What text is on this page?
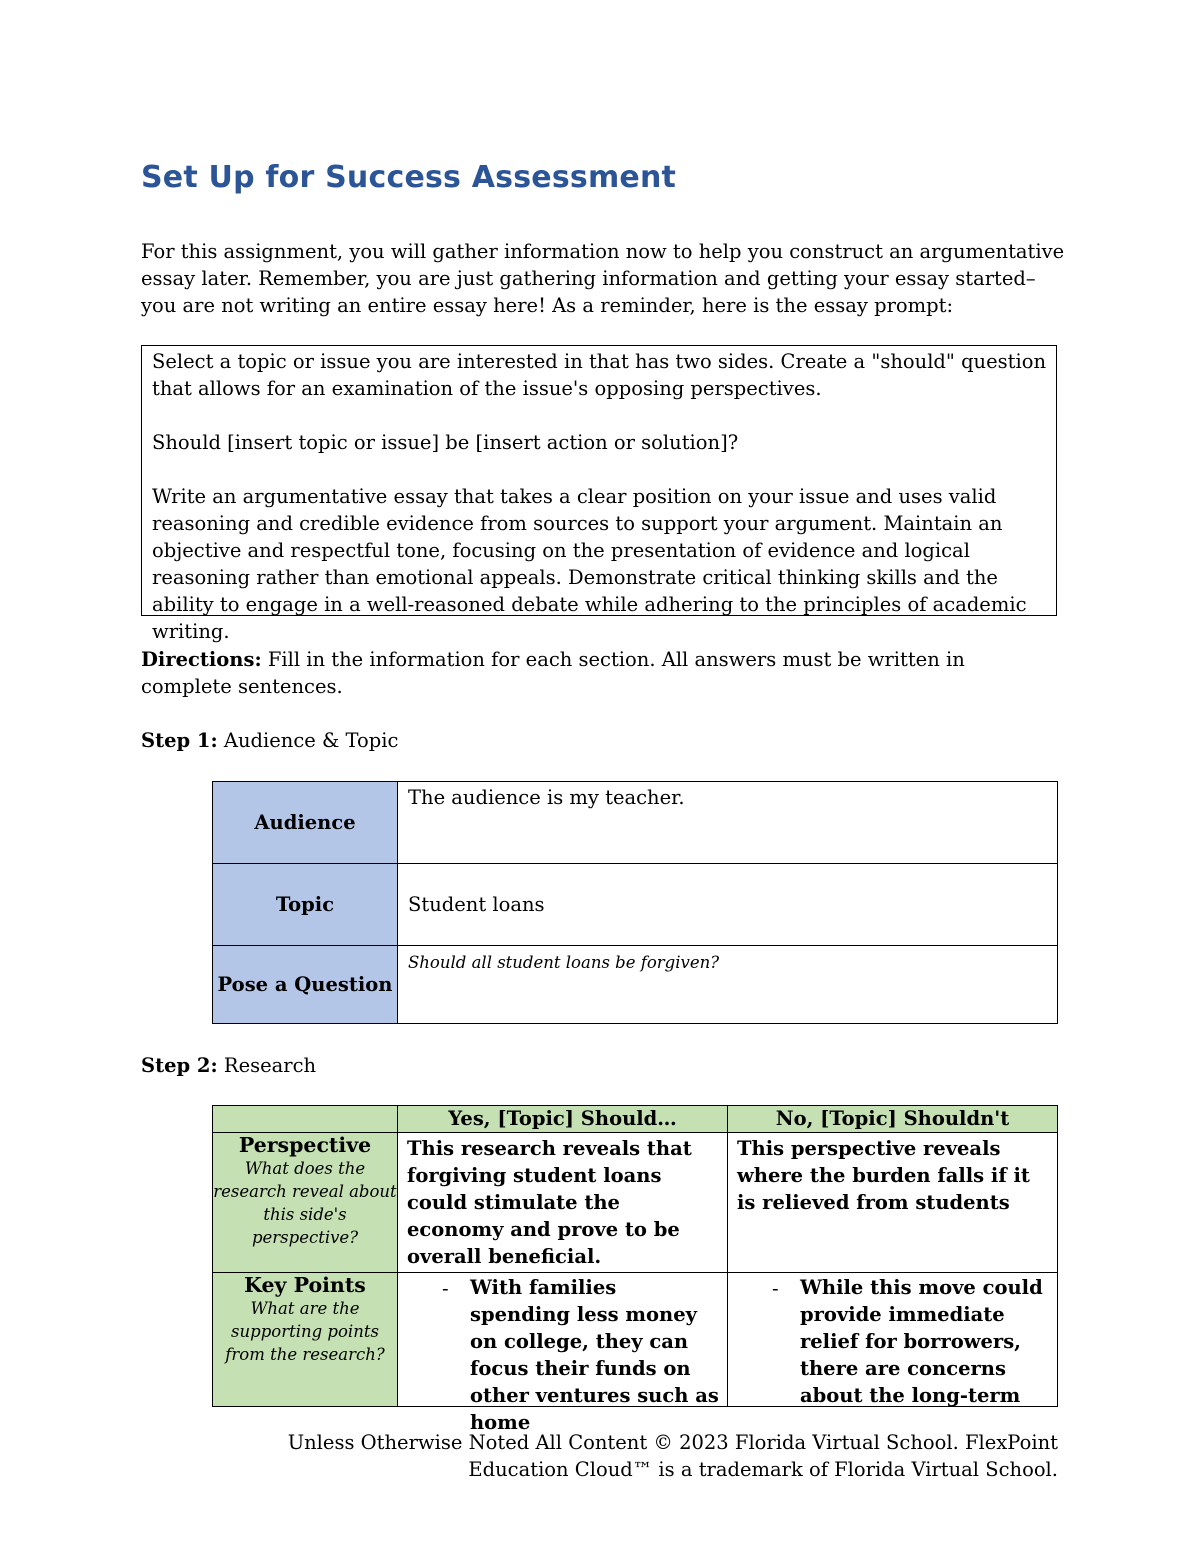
Set Up for Success Assessment

For this assignment, you will gather information now to help you construct an argumentative essay later. Remember, you are just gathering information and getting your essay started–you are not writing an entire essay here! As a reminder, here is the essay prompt:

Select a topic or issue you are interested in that has two sides. Create a "should" question that allows for an examination of the issue's opposing perspectives.

Should [insert topic or issue] be [insert action or solution]?

Write an argumentative essay that takes a clear position on your issue and uses valid reasoning and credible evidence from sources to support your argument. Maintain an objective and respectful tone, focusing on the presentation of evidence and logical reasoning rather than emotional appeals. Demonstrate critical thinking skills and the ability to engage in a well-reasoned debate while adhering to the principles of academic writing.

Directions: Fill in the information for each section. All answers must be written in complete sentences.

Step 1: Audience & Topic

Audience	The audience is my teacher.
Topic	Student loans
Pose a Question	Should all student loans be forgiven?

Step 2: Research

	Yes, [Topic] Should…	No, [Topic] Shouldn't

Perspective
What does the research reveal about this side's perspective?	This research reveals that forgiving student loans could stimulate the economy and prove to be overall beneficial.	This perspective reveals where the burden falls if it is relieved from students

Key Points
What are the supporting points from the research?	- With families spending less money on college, they can focus their funds on other ventures such as home	- While this move could provide immediate relief for borrowers, there are concerns about the long-term

Unless Otherwise Noted All Content © 2023 Florida Virtual School. FlexPoint Education Cloud™ is a trademark of Florida Virtual School.
